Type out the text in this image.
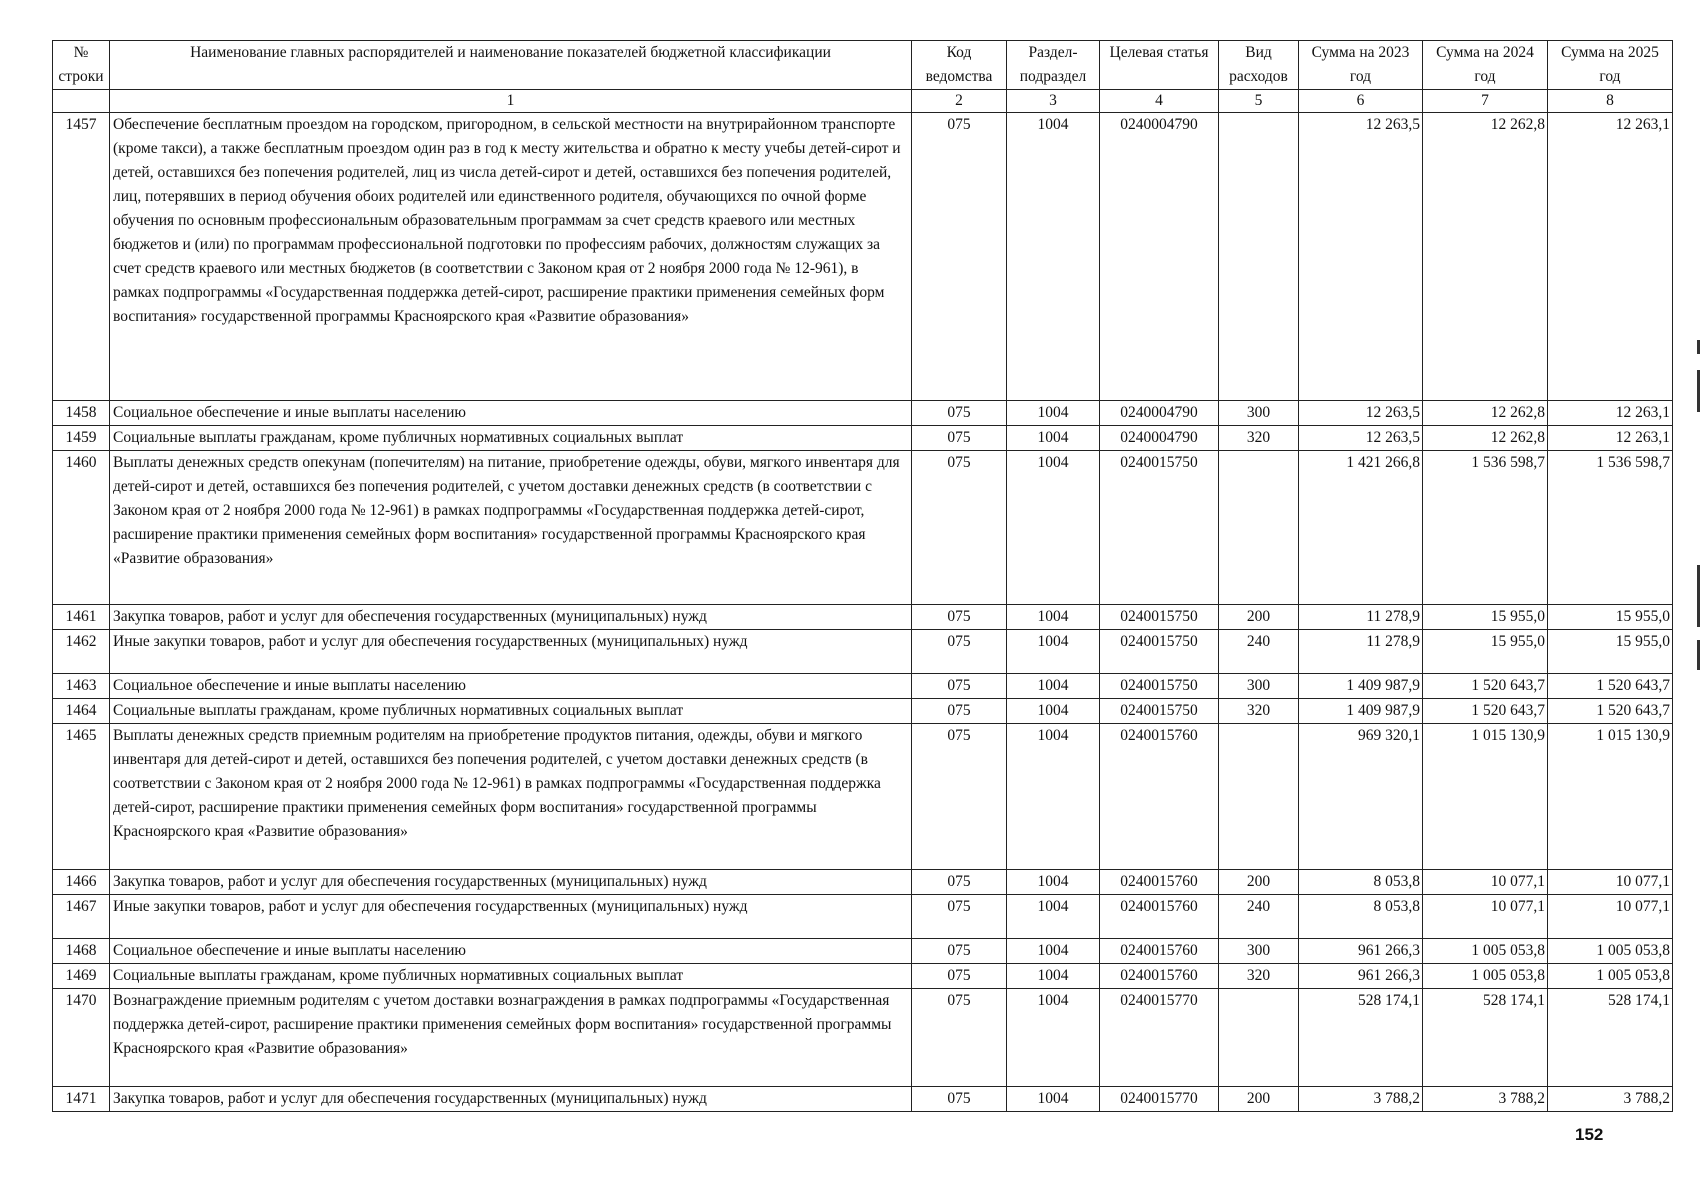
№ строки	Наименование главных распорядителей и наименование показателей бюджетной классификации	Код ведомства	Раздел-подраздел	Целевая статья	Вид расходов	Сумма на 2023 год	Сумма на 2024 год	Сумма на 2025 год
	1	2	3	4	5	6	7	8
1457	Обеспечение бесплатным проездом на городском, пригородном, в сельской местности на внутрирайонном транспорте (кроме такси), а также бесплатным проездом один раз в год к месту жительства и обратно к месту учебы детей-сирот и детей, оставшихся без попечения родителей, лиц из числа детей-сирот и детей, оставшихся без попечения родителей, лиц, потерявших в период обучения обоих родителей или единственного родителя, обучающихся по очной форме обучения по основным профессиональным образовательным программам за счет средств краевого или местных бюджетов и (или) по программам профессиональной подготовки по профессиям рабочих, должностям служащих за счет средств краевого или местных бюджетов (в соответствии с Законом края от 2 ноября 2000 года № 12-961), в рамках подпрограммы «Государственная поддержка детей-сирот, расширение практики применения семейных форм воспитания» государственной программы Красноярского края «Развитие образования»	075	1004	0240004790		12 263,5	12 262,8	12 263,1
1458	Социальное обеспечение и иные выплаты населению	075	1004	0240004790	300	12 263,5	12 262,8	12 263,1
1459	Социальные выплаты гражданам, кроме публичных нормативных социальных выплат	075	1004	0240004790	320	12 263,5	12 262,8	12 263,1
1460	Выплаты денежных средств опекунам (попечителям) на питание, приобретение одежды, обуви, мягкого инвентаря для детей-сирот и детей, оставшихся без попечения родителей, с учетом доставки денежных средств (в соответствии с Законом края от 2 ноября 2000 года № 12-961) в рамках подпрограммы «Государственная поддержка детей-сирот, расширение практики применения семейных форм воспитания» государственной программы Красноярского края «Развитие образования»	075	1004	0240015750		1 421 266,8	1 536 598,7	1 536 598,7
1461	Закупка товаров, работ и услуг для обеспечения государственных (муниципальных) нужд	075	1004	0240015750	200	11 278,9	15 955,0	15 955,0
1462	Иные закупки товаров, работ и услуг для обеспечения государственных (муниципальных) нужд	075	1004	0240015750	240	11 278,9	15 955,0	15 955,0
1463	Социальное обеспечение и иные выплаты населению	075	1004	0240015750	300	1 409 987,9	1 520 643,7	1 520 643,7
1464	Социальные выплаты гражданам, кроме публичных нормативных социальных выплат	075	1004	0240015750	320	1 409 987,9	1 520 643,7	1 520 643,7
1465	Выплаты денежных средств приемным родителям на приобретение продуктов питания, одежды, обуви и мягкого инвентаря для детей-сирот и детей, оставшихся без попечения родителей, с учетом доставки денежных средств (в соответствии с Законом края от 2 ноября 2000 года № 12-961) в рамках подпрограммы «Государственная поддержка детей-сирот, расширение практики применения семейных форм воспитания» государственной программы Красноярского края «Развитие образования»	075	1004	0240015760		969 320,1	1 015 130,9	1 015 130,9
1466	Закупка товаров, работ и услуг для обеспечения государственных (муниципальных) нужд	075	1004	0240015760	200	8 053,8	10 077,1	10 077,1
1467	Иные закупки товаров, работ и услуг для обеспечения государственных (муниципальных) нужд	075	1004	0240015760	240	8 053,8	10 077,1	10 077,1
1468	Социальное обеспечение и иные выплаты населению	075	1004	0240015760	300	961 266,3	1 005 053,8	1 005 053,8
1469	Социальные выплаты гражданам, кроме публичных нормативных социальных выплат	075	1004	0240015760	320	961 266,3	1 005 053,8	1 005 053,8
1470	Вознаграждение приемным родителям с учетом доставки вознаграждения в рамках подпрограммы «Государственная поддержка детей-сирот, расширение практики применения семейных форм воспитания» государственной программы Красноярского края «Развитие образования»	075	1004	0240015770		528 174,1	528 174,1	528 174,1
1471	Закупка товаров, работ и услуг для обеспечения государственных (муниципальных) нужд	075	1004	0240015770	200	3 788,2	3 788,2	3 788,2
152
